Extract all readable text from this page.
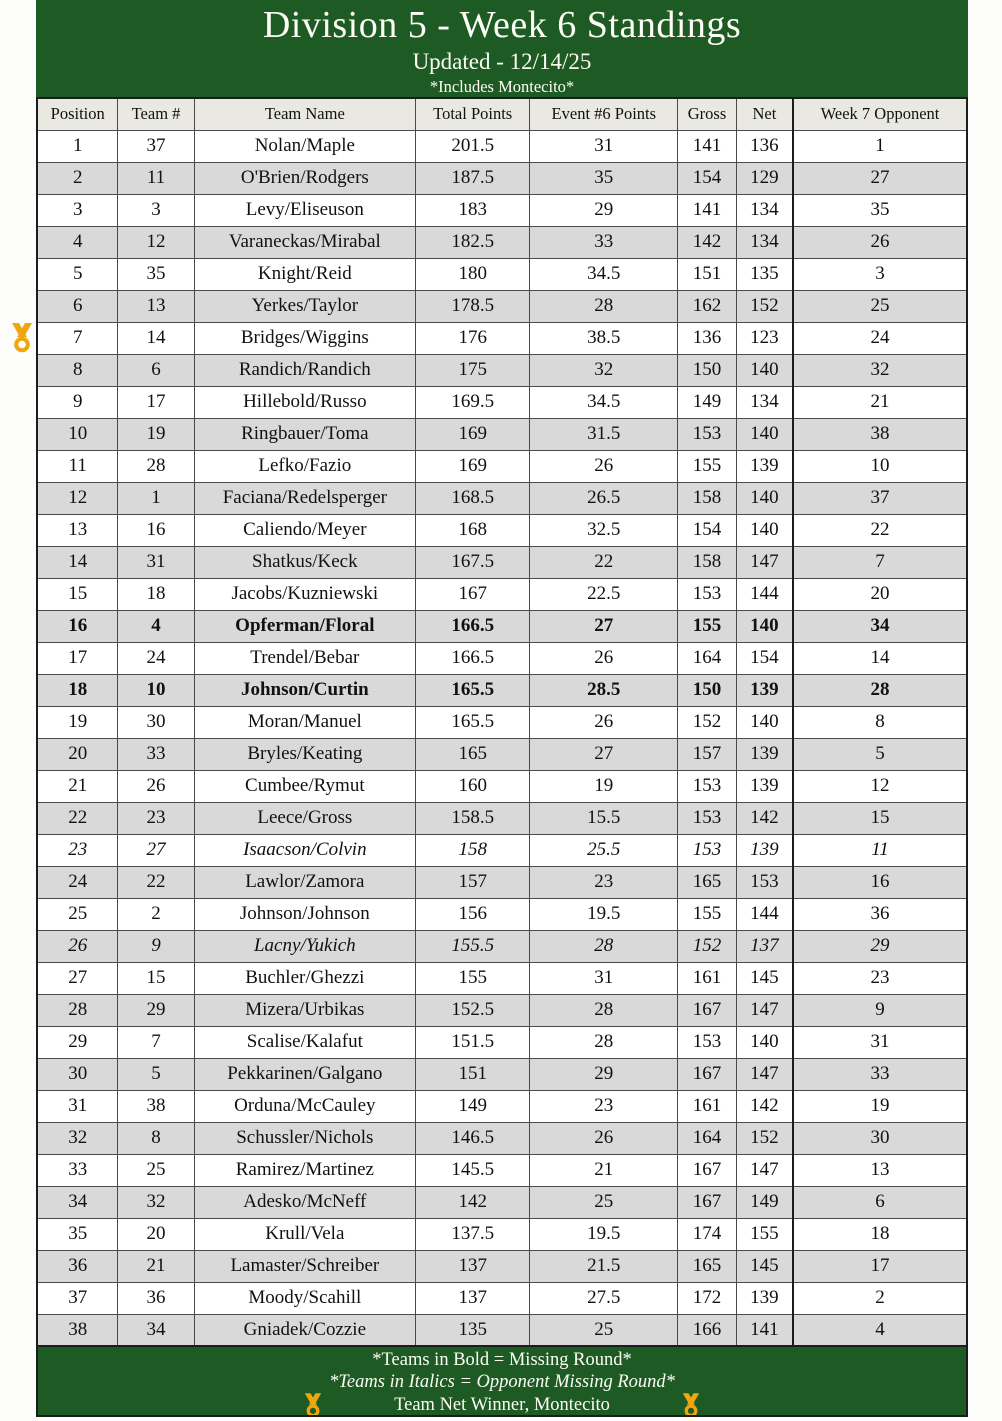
Division 5 - Week 6 Standings
Updated - 12/14/25
*Includes Montecito*
Position	Team #	Team Name	Total Points	Event #6 Points	Gross	Net	Week 7 Opponent
1	37	Nolan/Maple	201.5	31	141	136	1
2	11	O'Brien/Rodgers	187.5	35	154	129	27
3	3	Levy/Eliseuson	183	29	141	134	35
4	12	Varaneckas/Mirabal	182.5	33	142	134	26
5	35	Knight/Reid	180	34.5	151	135	3
6	13	Yerkes/Taylor	178.5	28	162	152	25
7	14	Bridges/Wiggins	176	38.5	136	123	24
8	6	Randich/Randich	175	32	150	140	32
9	17	Hillebold/Russo	169.5	34.5	149	134	21
10	19	Ringbauer/Toma	169	31.5	153	140	38
11	28	Lefko/Fazio	169	26	155	139	10
12	1	Faciana/Redelsperger	168.5	26.5	158	140	37
13	16	Caliendo/Meyer	168	32.5	154	140	22
14	31	Shatkus/Keck	167.5	22	158	147	7
15	18	Jacobs/Kuzniewski	167	22.5	153	144	20
16	4	Opferman/Floral	166.5	27	155	140	34
17	24	Trendel/Bebar	166.5	26	164	154	14
18	10	Johnson/Curtin	165.5	28.5	150	139	28
19	30	Moran/Manuel	165.5	26	152	140	8
20	33	Bryles/Keating	165	27	157	139	5
21	26	Cumbee/Rymut	160	19	153	139	12
22	23	Leece/Gross	158.5	15.5	153	142	15
23	27	Isaacson/Colvin	158	25.5	153	139	11
24	22	Lawlor/Zamora	157	23	165	153	16
25	2	Johnson/Johnson	156	19.5	155	144	36
26	9	Lacny/Yukich	155.5	28	152	137	29
27	15	Buchler/Ghezzi	155	31	161	145	23
28	29	Mizera/Urbikas	152.5	28	167	147	9
29	7	Scalise/Kalafut	151.5	28	153	140	31
30	5	Pekkarinen/Galgano	151	29	167	147	33
31	38	Orduna/McCauley	149	23	161	142	19
32	8	Schussler/Nichols	146.5	26	164	152	30
33	25	Ramirez/Martinez	145.5	21	167	147	13
34	32	Adesko/McNeff	142	25	167	149	6
35	20	Krull/Vela	137.5	19.5	174	155	18
36	21	Lamaster/Schreiber	137	21.5	165	145	17
37	36	Moody/Scahill	137	27.5	172	139	2
38	34	Gniadek/Cozzie	135	25	166	141	4
*Teams in Bold = Missing Round*
*Teams in Italics = Opponent Missing Round*
Team Net Winner, Montecito
